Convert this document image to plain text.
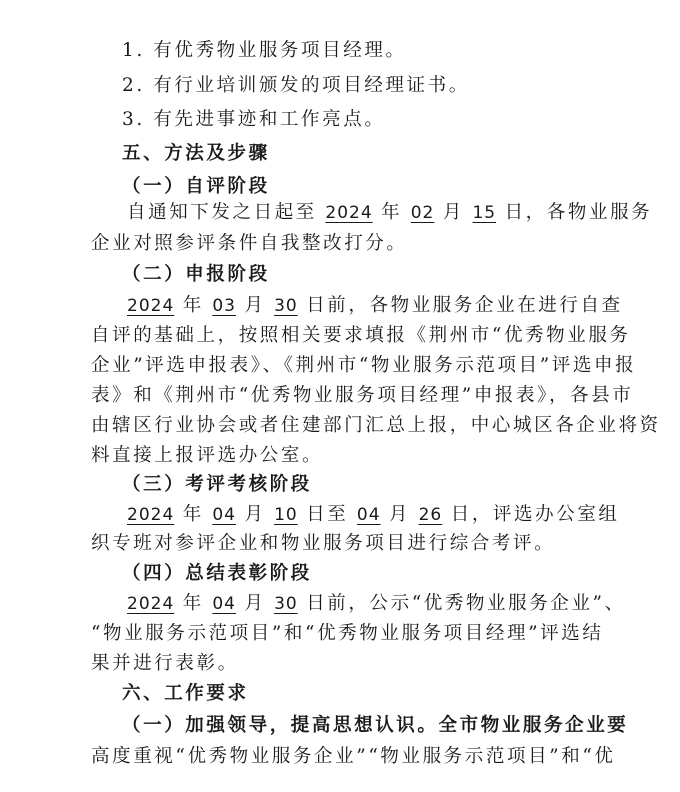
1. 有优秀物业服务项目经理。

2. 有行业培训颁发的项目经理证书。

3. 有先进事迹和工作亮点。

五、方法及步骤

（一）自评阶段

自通知下发之日起至 2024 年 02 月 15 日，各物业服务

企业对照参评条件自我整改打分。

（二）申报阶段

2024 年 03 月 30 日前，各物业服务企业在进行自查

自评的基础上，按照相关要求填报《荆州市“优秀物业服务

企业”评选申报表》、《荆州市“物业服务示范项目”评选申报

表》和《荆州市“优秀物业服务项目经理”申报表》，各县市

由辖区行业协会或者住建部门汇总上报，中心城区各企业将资

料直接上报评选办公室。

（三）考评考核阶段

2024 年 04 月 10 日至 04 月 26 日，评选办公室组

织专班对参评企业和物业服务项目进行综合考评。

（四）总结表彰阶段

2024 年 04 月 30 日前，公示“优秀物业服务企业”、

“物业服务示范项目”和“优秀物业服务项目经理”评选结

果并进行表彰。

六、工作要求

（一）加强领导，提高思想认识。全市物业服务企业要

高度重视“优秀物业服务企业”“物业服务示范项目”和“优
